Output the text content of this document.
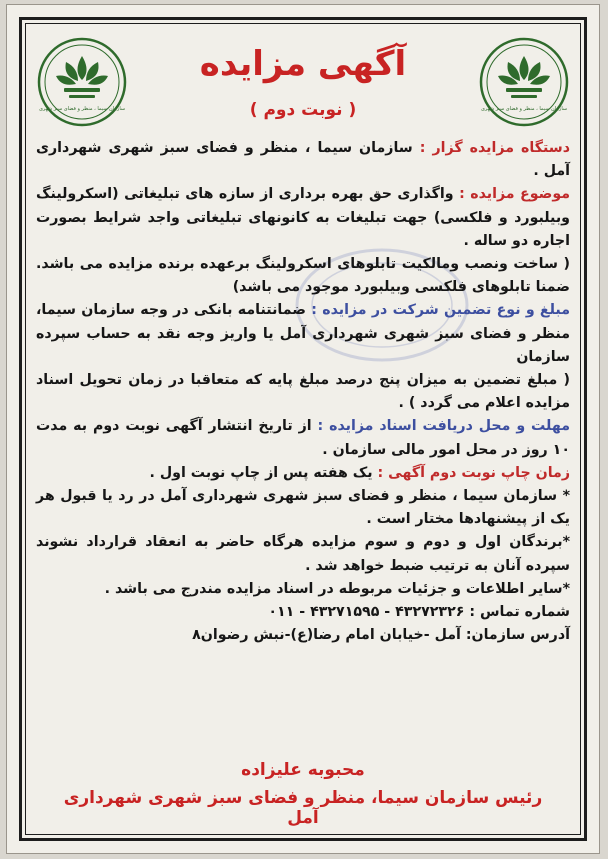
سازمان سیما ، منظر و فضای سبز شهری	سازمان سیما ، منظر و فضای سبز شهری
آگهی مزایده
( نوبت دوم )

دستگاه مزایده گزار : سازمان سیما ، منظر و فضای سبز شهری شهرداری آمل .

موضوع مزایده : واگذاری حق بهره برداری از سازه های تبلیغاتی (اسکرولینگ وبیلبورد و فلکسی) جهت تبلیغات به کانونهای تبلیغاتی واجد شرایط بصورت اجاره دو ساله .

( ساخت ونصب ومالکیت تابلوهای اسکرولینگ برعهده برنده مزایده می باشد. ضمنا تابلوهای فلکسی وبیلبورد موجود می باشد)

مبلغ و نوع تضمین شرکت در مزایده : ضمانتنامه بانکی در وجه سازمان سیما، منظر و فضای سبز شهری شهرداری آمل یا واریز وجه نقد به حساب سپرده سازمان

( مبلغ تضمین به میزان پنج درصد مبلغ پایه که متعاقبا در زمان تحویل اسناد مزایده اعلام می گردد ) .

مهلت و محل دریافت اسناد مزایده : از تاریخ انتشار آگهی نوبت دوم به مدت ۱۰ روز در محل امور مالی سازمان .

زمان چاپ نوبت دوم آگهی : یک هفته پس از چاپ نوبت اول .

* سازمان سیما ، منظر و فضای سبز شهری شهرداری آمل در رد یا قبول هر یک از پیشنهادها مختار است .

*برندگان اول و دوم و سوم مزایده هرگاه حاضر به انعقاد قرارداد نشوند سپرده آنان به ترتیب ضبط خواهد شد .

*سایر اطلاعات و جزئیات مربوطه در اسناد مزایده مندرج می باشد .

شماره تماس : ۴۳۲۷۲۳۲۶ - ۴۳۲۷۱۵۹۵ - ۰۱۱

آدرس سازمان: آمل -خیابان امام رضا(ع)-نبش رضوان۸

محبوبه علیزاده
رئیس سازمان سیما، منظر و فضای سبز شهری شهرداری آمل
